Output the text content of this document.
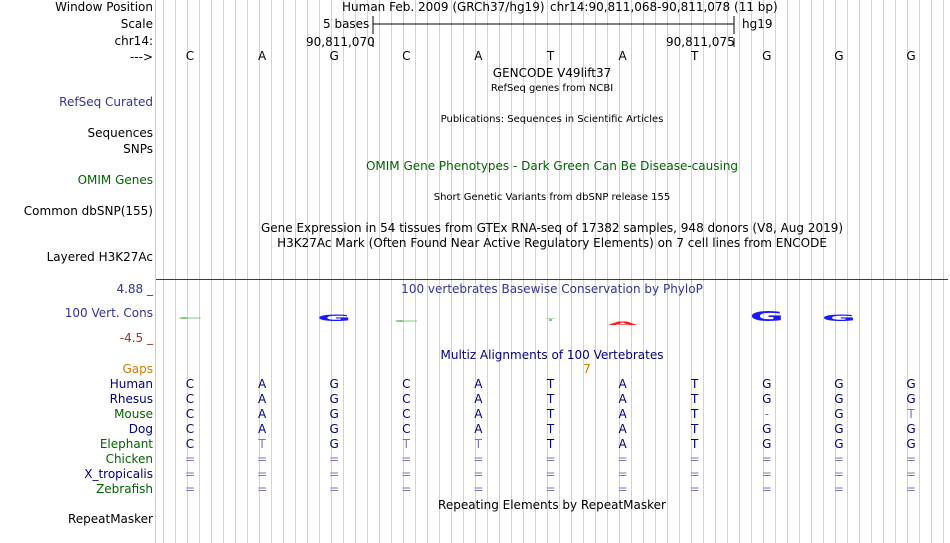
Window Position
Scale
chr14:
--->
Human Feb. 2009 (GRCh37/hg19) chr14:90,811,068-90,811,078 (11 bp)
5 bases	hg19
90,811,070	90,811,075
C	A	G	C	A	T	A	T	G	G	G
GENCODE V49lift37
RefSeq genes from NCBI
RefSeq Curated
Sequences
Publications: Sequences in Scientific Articles
SNPs
OMIM Gene Phenotypes - Dark Green Can Be Disease-causing
OMIM Genes
Short Genetic Variants from dbSNP release 155
Common dbSNP(155)
Gene Expression in 54 tissues from GTEx RNA-seq of 17382 samples, 948 donors (V8, Aug 2019)
H3K27Ac Mark (Often Found Near Active Regulatory Elements) on 7 cell lines from ENCODE
Layered H3K27Ac
100 vertebrates Basewise Conservation by PhyloP
4.88 _
100 Vert. Cons
-4.5 _
C	G	C	T
A	G G
Multiz Alignments of 100 Vertebrates
Gaps	7
Human	C	A	G	C	A	T	A	T	G	G	G
Rhesus	C	A	G	C	A	T	A	T	G	G	G
Mouse	C	A	G	C	A	T	A	T	-	G	T
Dog	C	A	G	C	A	T	A	T	G	G	G
Elephant	C	T	G	T	T	T	A	T	G	G	G
Chicken	=	=	=	=	=	=	=	=	=	=	=
X_tropicalis	=	=	=	=	=	=	=	=	=	=	=
Zebrafish	=	=	=	=	=	=	=	=	=	=	=
Repeating Elements by RepeatMasker
RepeatMasker
